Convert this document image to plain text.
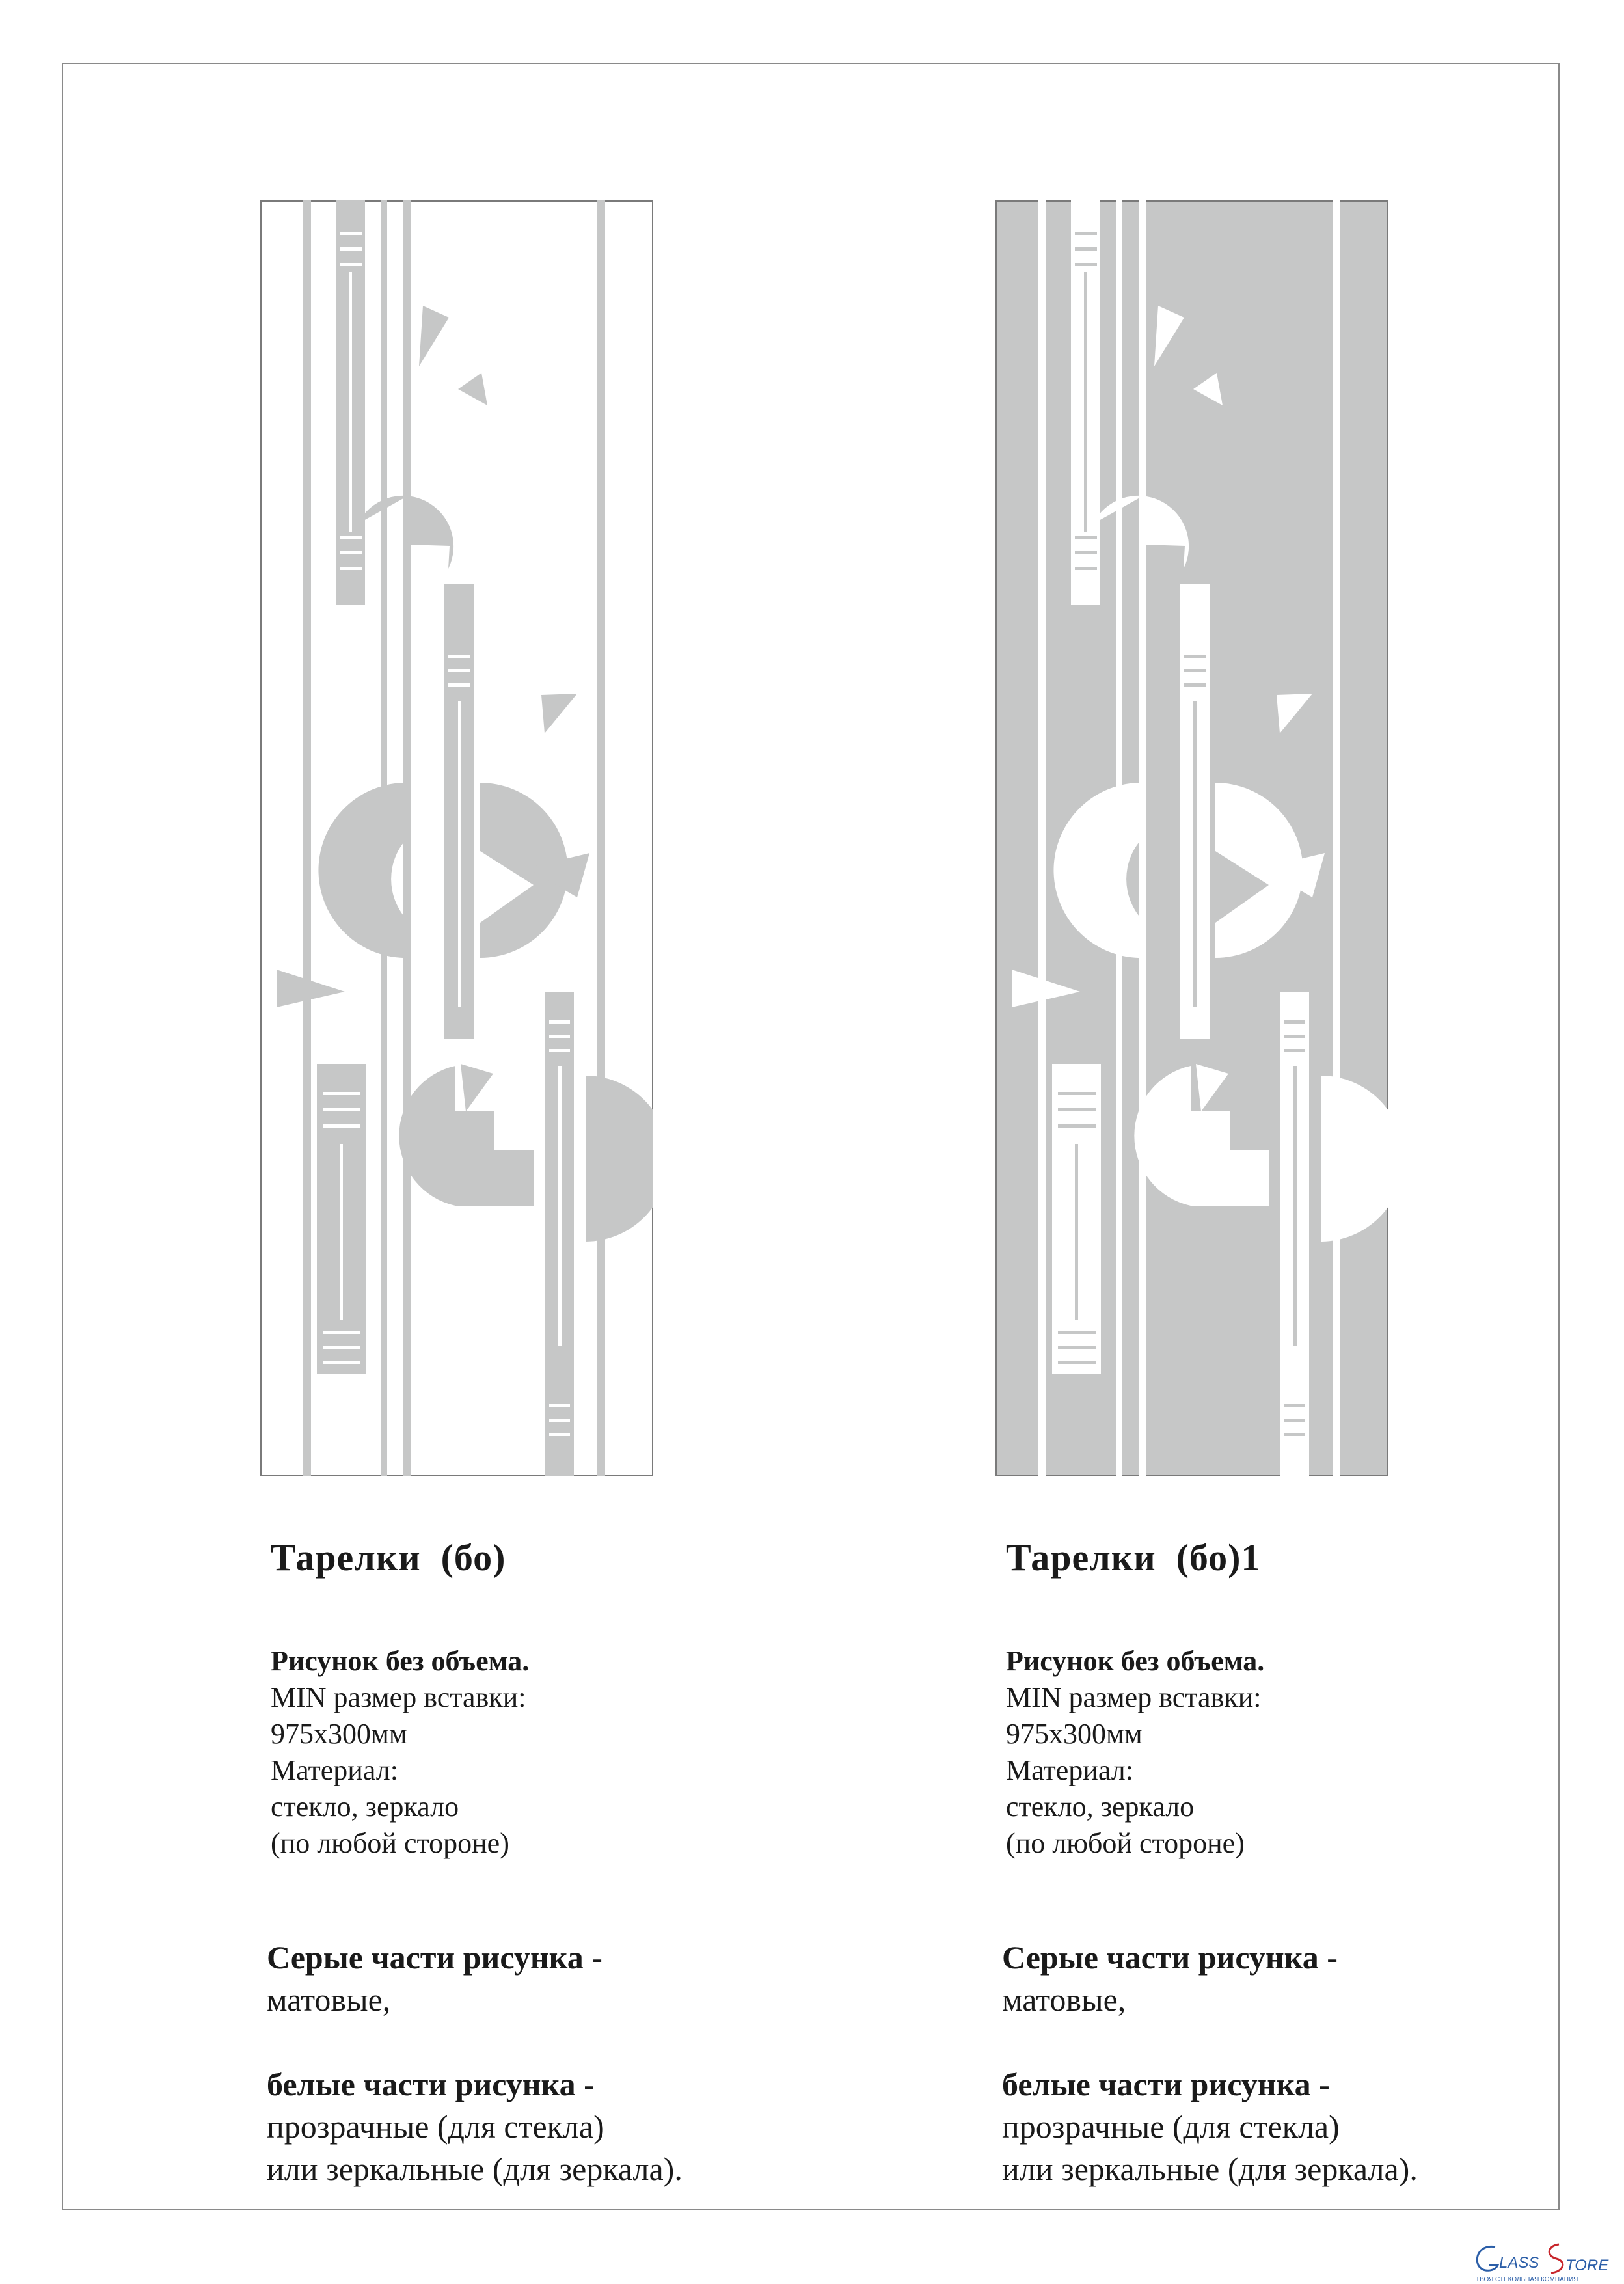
Тарелки  (бо)
Рисунок без объема.
MIN размер вставки:
975х300мм
Материал:
стекло, зеркало
(по любой стороне)
Серые части рисунка -
матовые,
белые части рисунка -
прозрачные (для стекла)
или зеркальные (для зеркала).
Тарелки  (бо)1
Рисунок без объема.
MIN размер вставки:
975х300мм
Материал:
стекло, зеркало
(по любой стороне)
Серые части рисунка -
матовые,
белые части рисунка -
прозрачные (для стекла)
или зеркальные (для зеркала).
LASS TORE
ТВОЯ СТЕКОЛЬНАЯ КОМПАНИЯ
